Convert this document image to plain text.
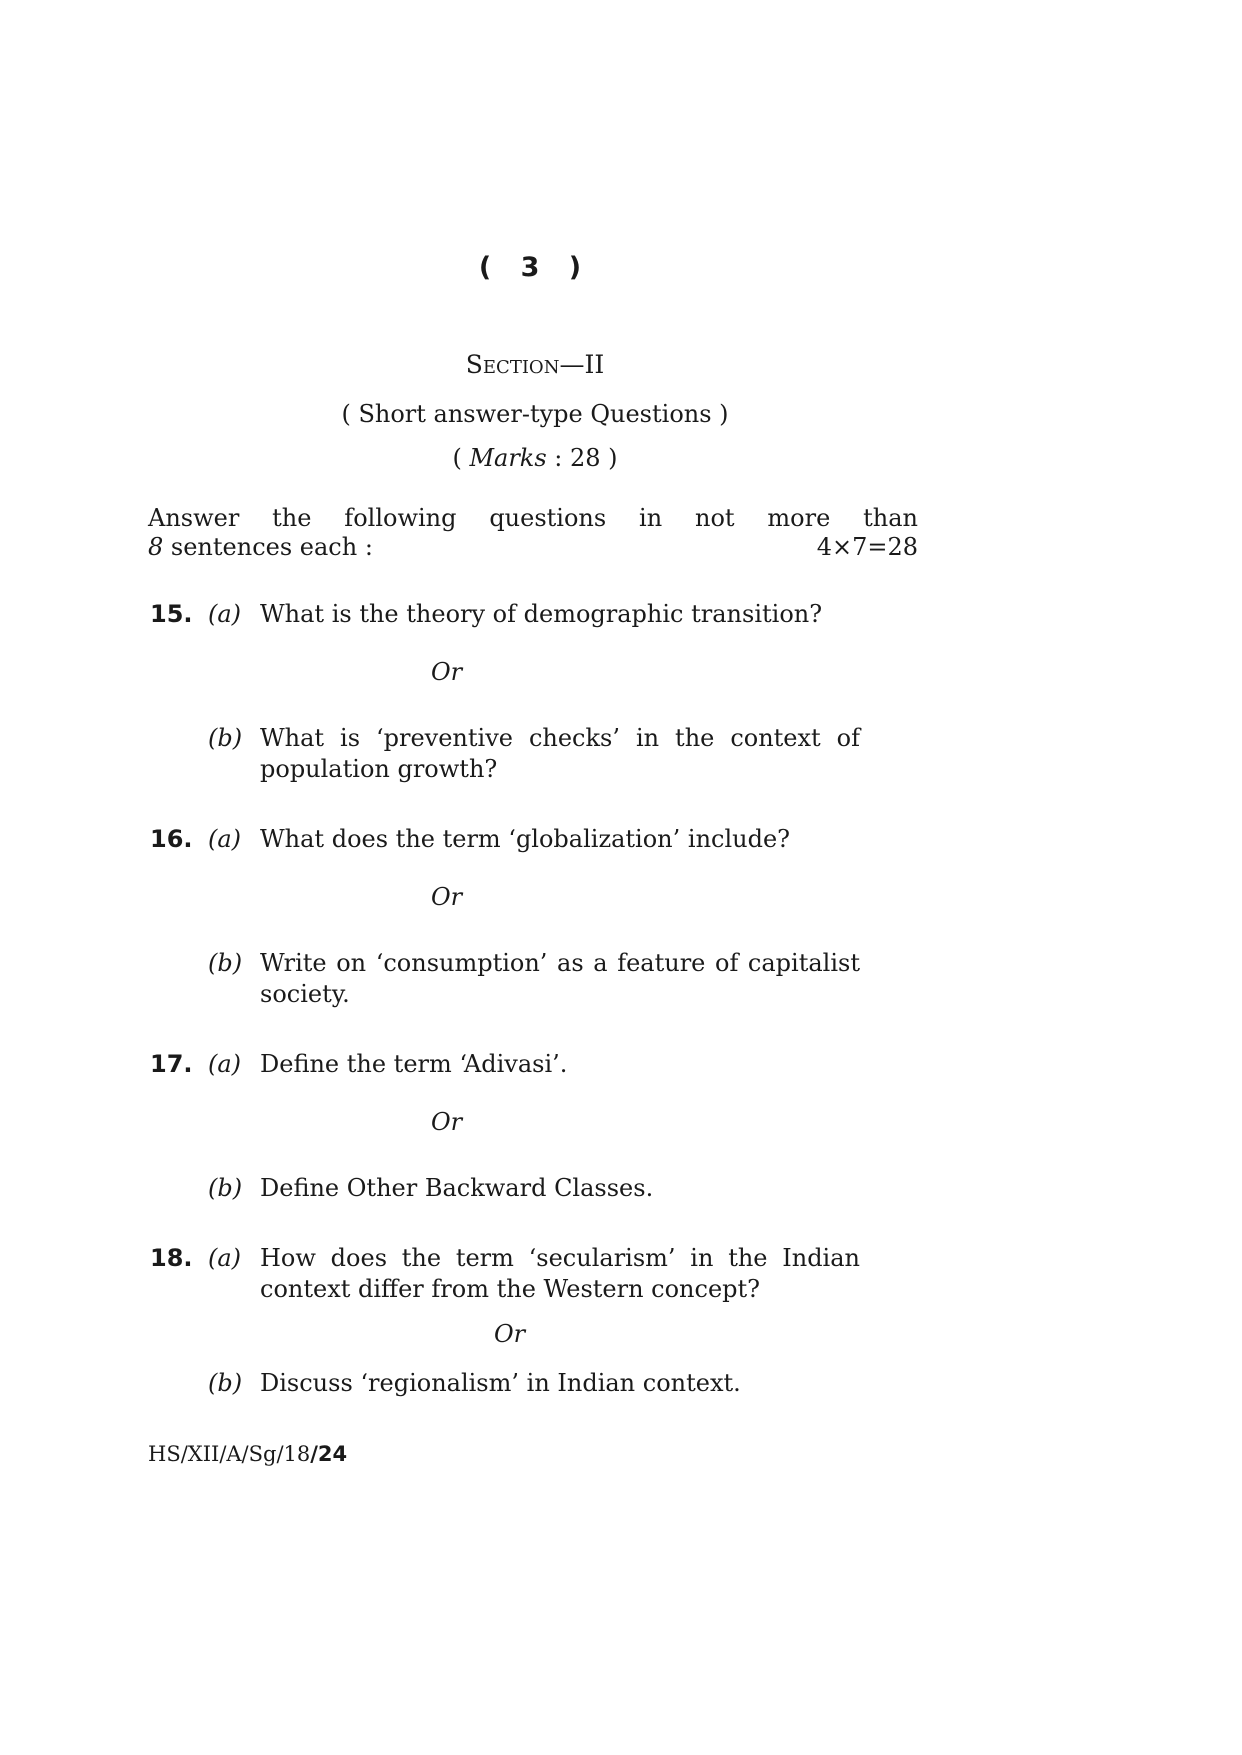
( 3 )
Section—II
( Short answer-type Questions )
( Marks : 28 )
Answer the following questions in not more than
8 sentences each :	4×7=28
15. (a) What is the theory of demographic transition?
Or
(b) What is ‘preventive checks’ in the context of population growth?
16. (a) What does the term ‘globalization’ include?
Or
(b) Write on ‘consumption’ as a feature of capitalist society.
17. (a) Define the term ‘Adivasi’.
Or
(b) Define Other Backward Classes.
18. (a) How does the term ‘secularism’ in the Indian context differ from the Western concept?
Or
(b) Discuss ‘regionalism’ in Indian context.
HS/XII/A/Sg/18/24
